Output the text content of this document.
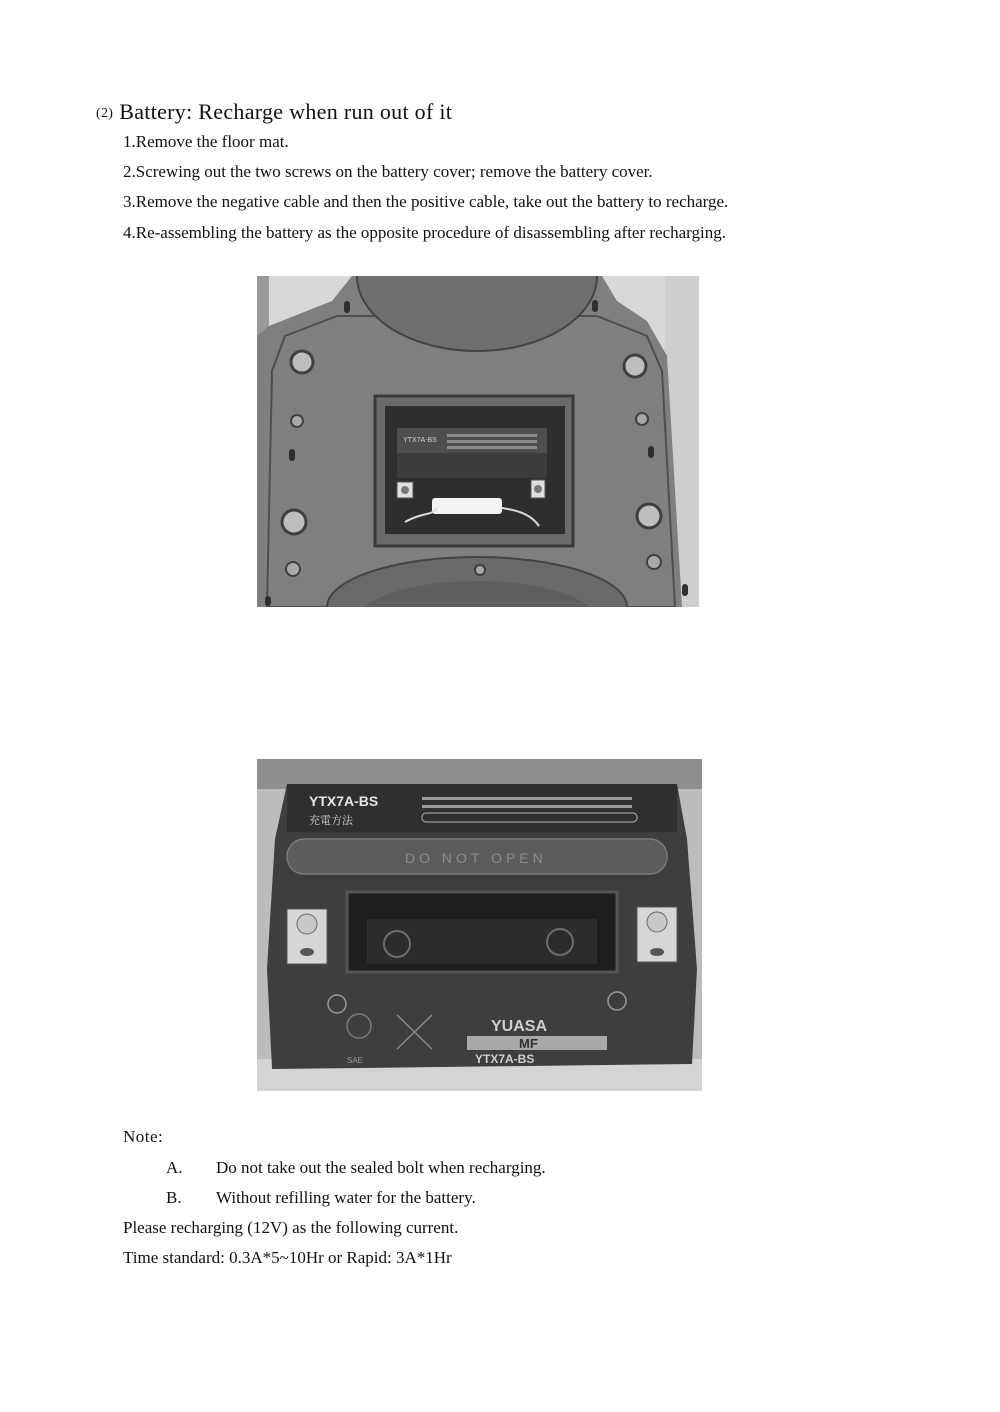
(2) Battery: Recharge when run out of it
1.Remove the floor mat.
2.Screwing out the two screws on the battery cover; remove the battery cover.
3.Remove the negative cable and then the positive cable, take out the battery to recharge.
4.Re-assembling the battery as the opposite procedure of disassembling after recharging.
YTX7A-BS
YTX7A-BS
充電方法
DO NOT OPEN
YUASA
MF
YTX7A-BS
SAE
Note:
A. Do not take out the sealed bolt when recharging.
B. Without refilling water for the battery.
Please recharging (12V) as the following current.
Time standard: 0.3A*5~10Hr or Rapid: 3A*1Hr
